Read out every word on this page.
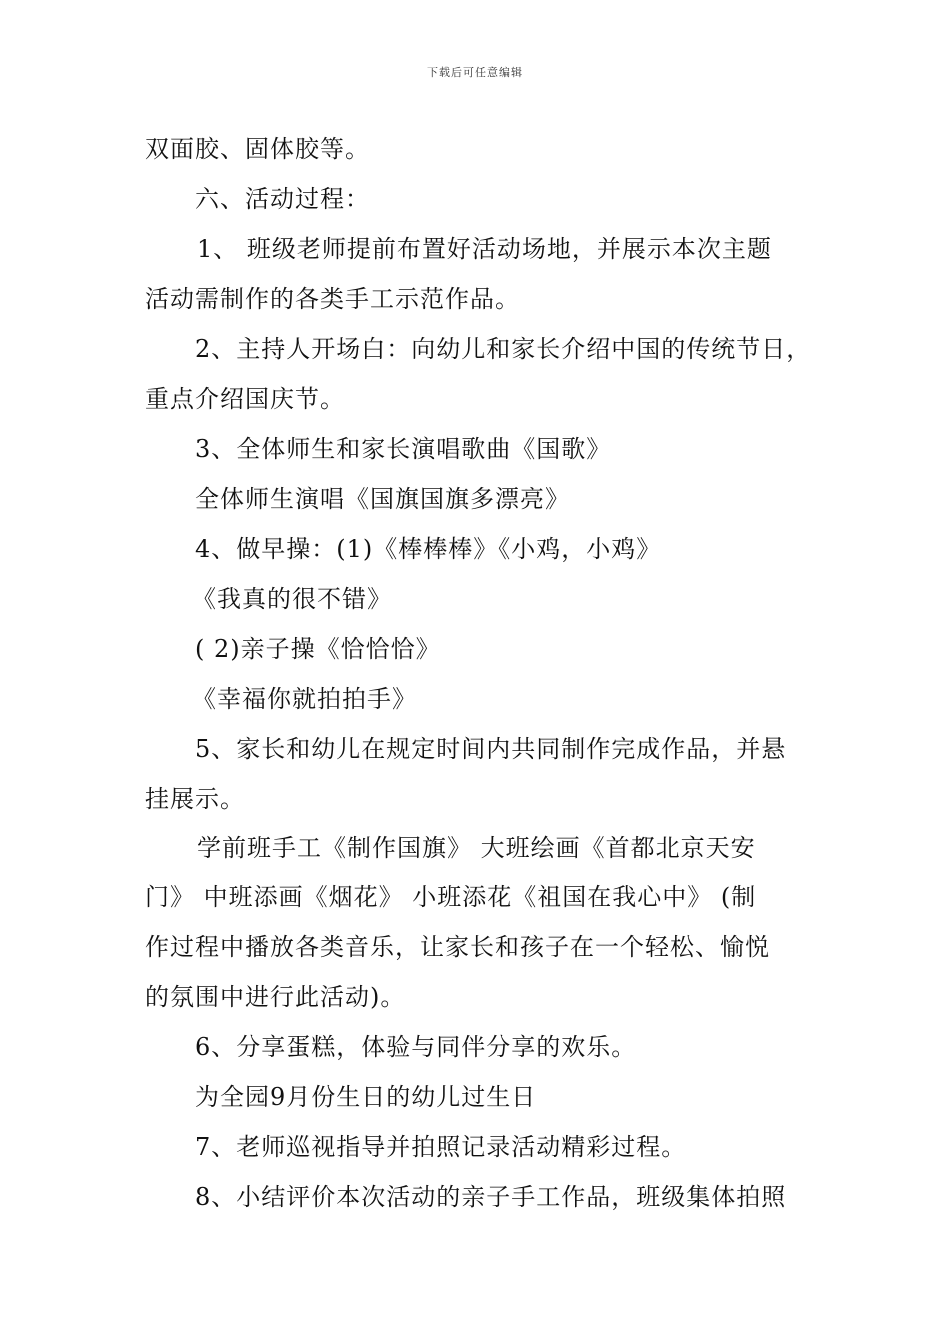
下载后可任意编辑
双面胶、固体胶等。
六、活动过程：
1、 班级老师提前布置好活动场地，并展示本次主题
活动需制作的各类手工示范作品。
2、主持人开场白：向幼儿和家长介绍中国的传统节日，
重点介绍国庆节。
3、全体师生和家长演唱歌曲《国歌》
全体师生演唱《国旗国旗多漂亮》
4、做早操：(1)《棒棒棒》《小鸡，小鸡》
《我真的很不错》
( 2)亲子操《恰恰恰》
《幸福你就拍拍手》
5、家长和幼儿在规定时间内共同制作完成作品，并悬
挂展示。
学前班手工《制作国旗》 大班绘画《首都北京天安
门》 中班添画《烟花》 小班添花《祖国在我心中》 (制
作过程中播放各类音乐，让家长和孩子在一个轻松、愉悦
的氛围中进行此活动)。
6、分享蛋糕，体验与同伴分享的欢乐。
为全园9月份生日的幼儿过生日
7、老师巡视指导并拍照记录活动精彩过程。
8、小结评价本次活动的亲子手工作品，班级集体拍照
